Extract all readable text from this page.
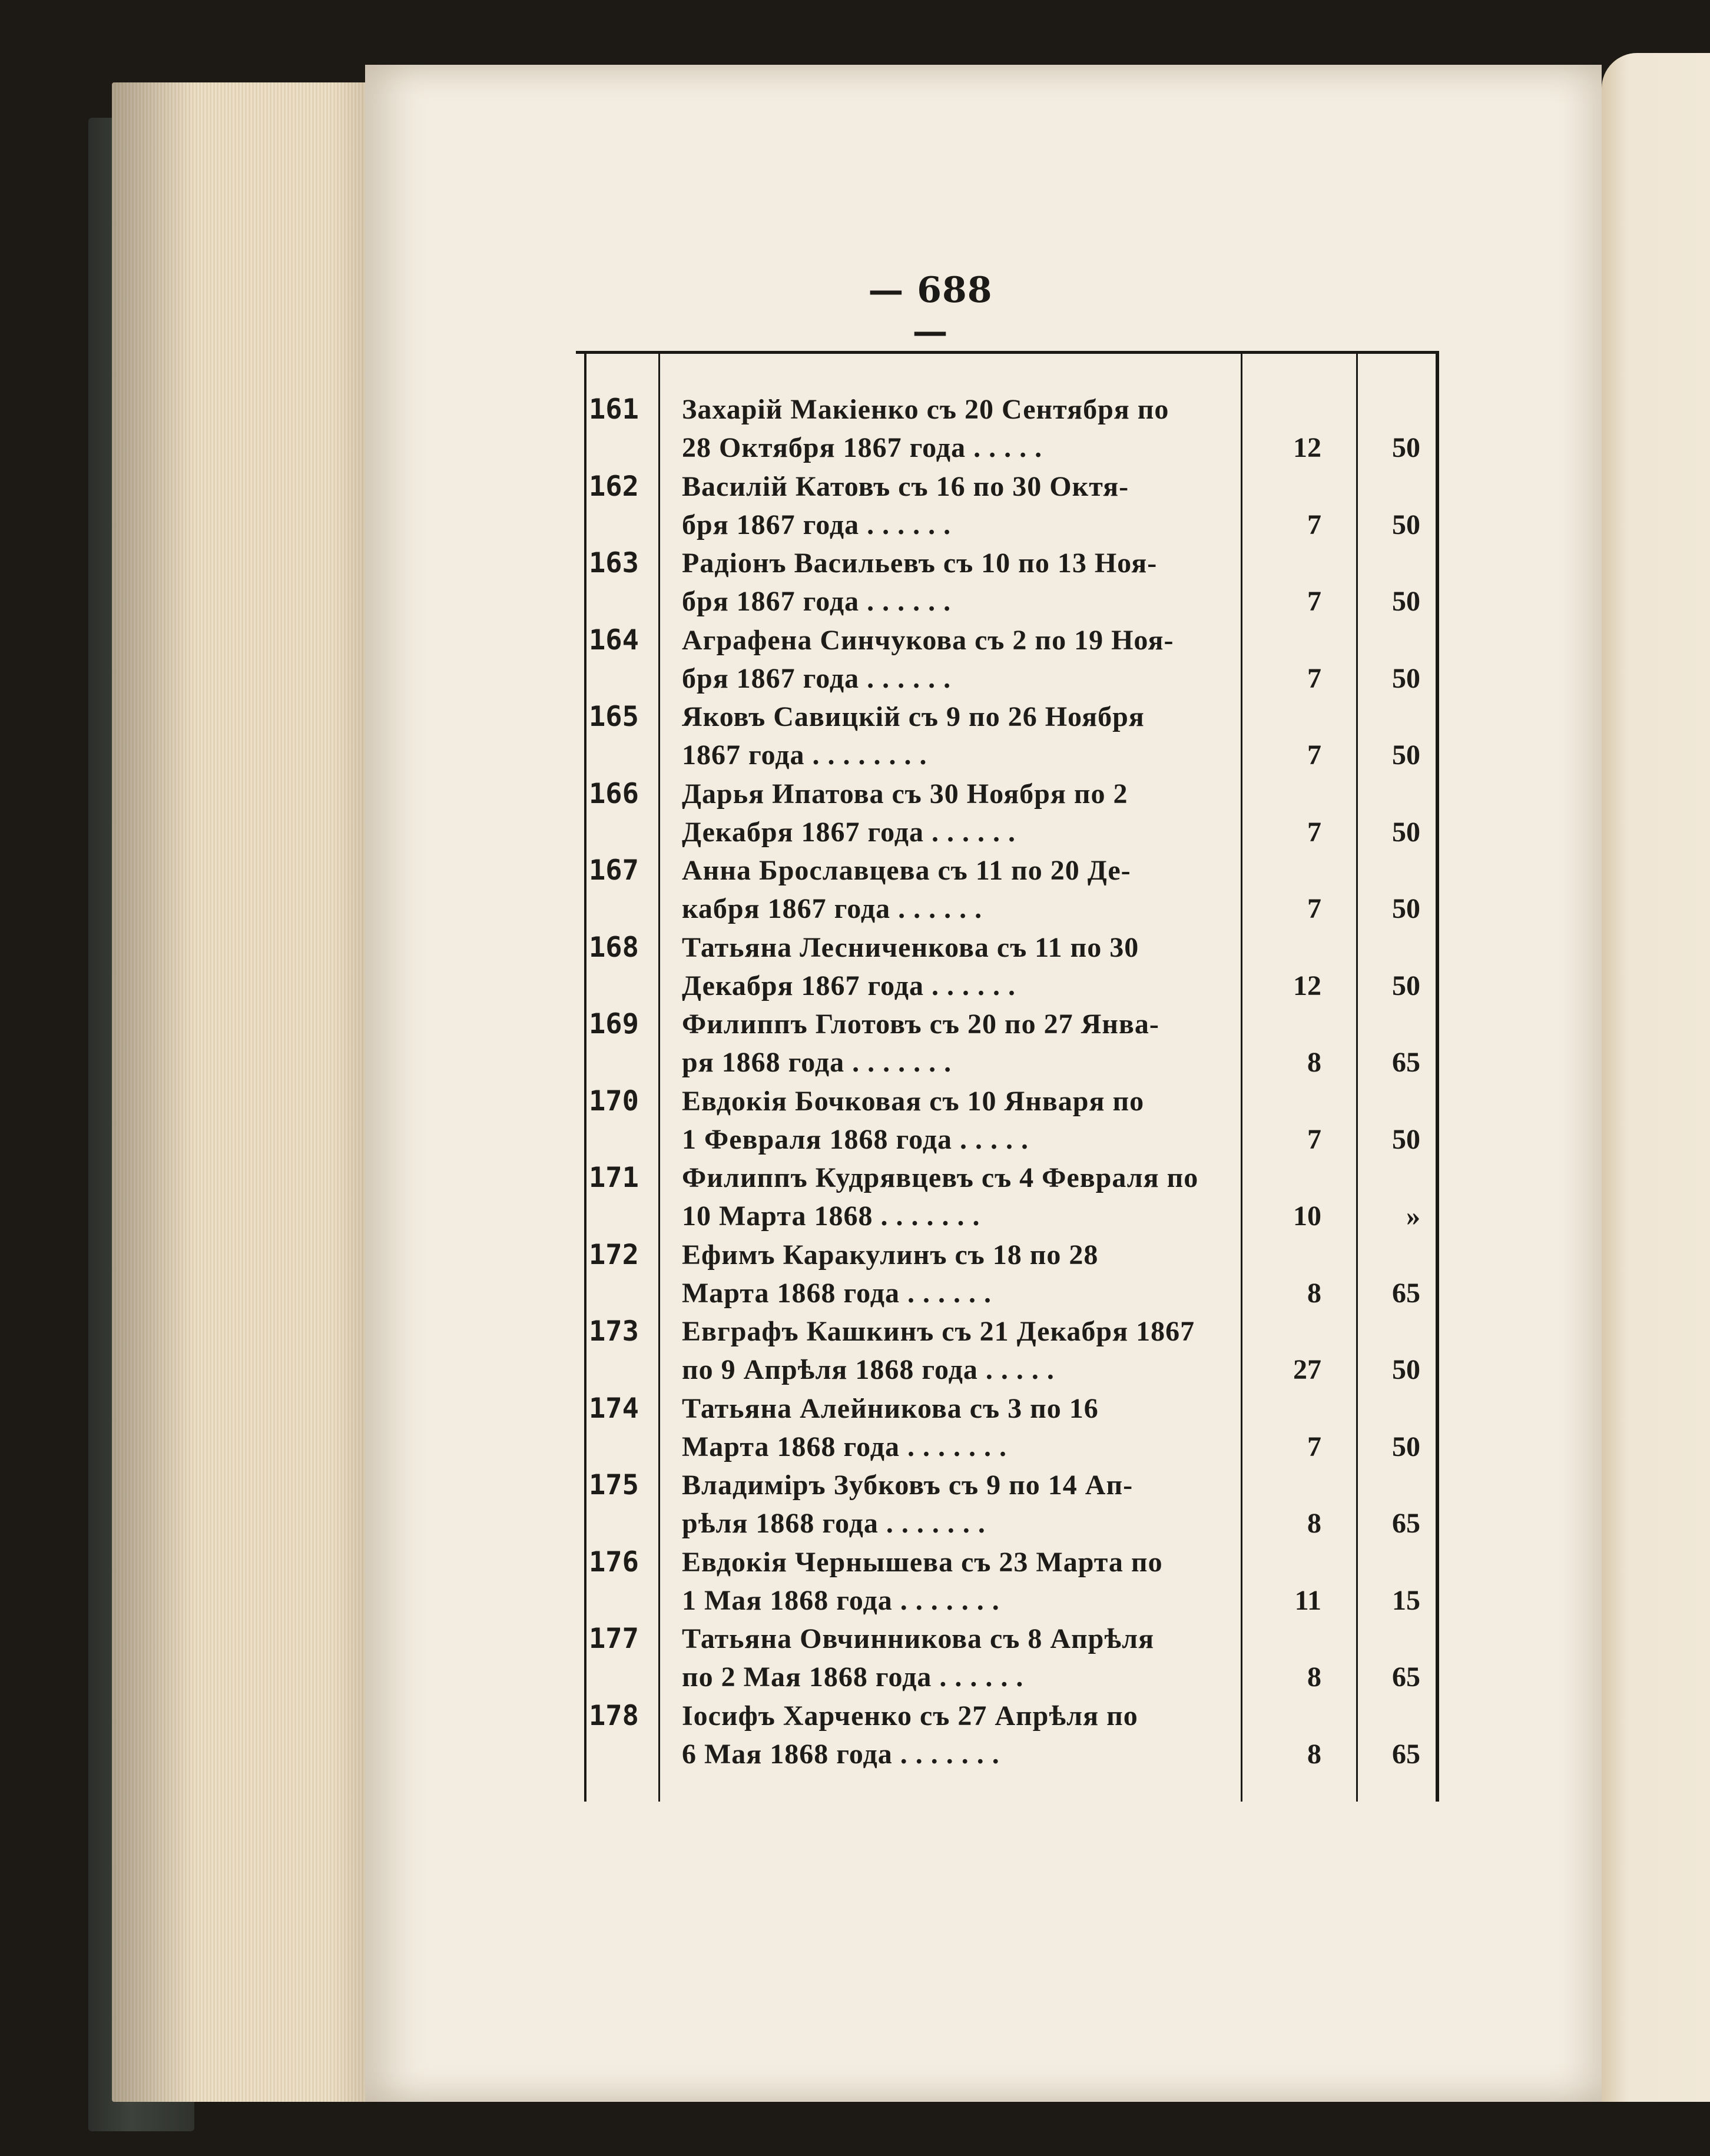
— 688 —
161	Захарій Макіенко съ 20 Сентября по
28 Октября 1867 года . . . . .	12	50
162	Василій Катовъ съ 16 по 30 Октя-
бря 1867 года . . . . . .	7	50
163	Радіонъ Васильевъ съ 10 по 13 Ноя-
бря 1867 года . . . . . .	7	50
164	Аграфена Синчукова съ 2 по 19 Ноя-
бря 1867 года . . . . . .	7	50
165	Яковъ Савицкій съ 9 по 26 Ноября
1867 года . . . . . . . .	7	50
166	Дарья Ипатова съ 30 Ноября по 2
Декабря 1867 года . . . . . .	7	50
167	Анна Брославцева съ 11 по 20 Де-
кабря 1867 года . . . . . .	7	50
168	Татьяна Лесниченкова съ 11 по 30
Декабря 1867 года . . . . . .	12	50
169	Филиппъ Глотовъ съ 20 по 27 Янва-
ря 1868 года . . . . . . .	8	65
170	Евдокія Бочковая съ 10 Января по
1 Февраля 1868 года . . . . .	7	50
171	Филиппъ Кудрявцевъ съ 4 Февраля по
10 Марта 1868 . . . . . . .	10	»
172	Ефимъ Каракулинъ съ 18 по 28
Марта 1868 года . . . . . .	8	65
173	Евграфъ Кашкинъ съ 21 Декабря 1867
по 9 Апрѣля 1868 года . . . . .	27	50
174	Татьяна Алейникова съ 3 по 16
Марта 1868 года . . . . . . .	7	50
175	Владиміръ Зубковъ съ 9 по 14 Ап-
рѣля 1868 года . . . . . . .	8	65
176	Евдокія Чернышева съ 23 Марта по
1 Мая 1868 года . . . . . . .	11	15
177	Татьяна Овчинникова съ 8 Апрѣля
по 2 Мая 1868 года . . . . . .	8	65
178	Іосифъ Харченко съ 27 Апрѣля по
6 Мая 1868 года . . . . . . .	8	65
